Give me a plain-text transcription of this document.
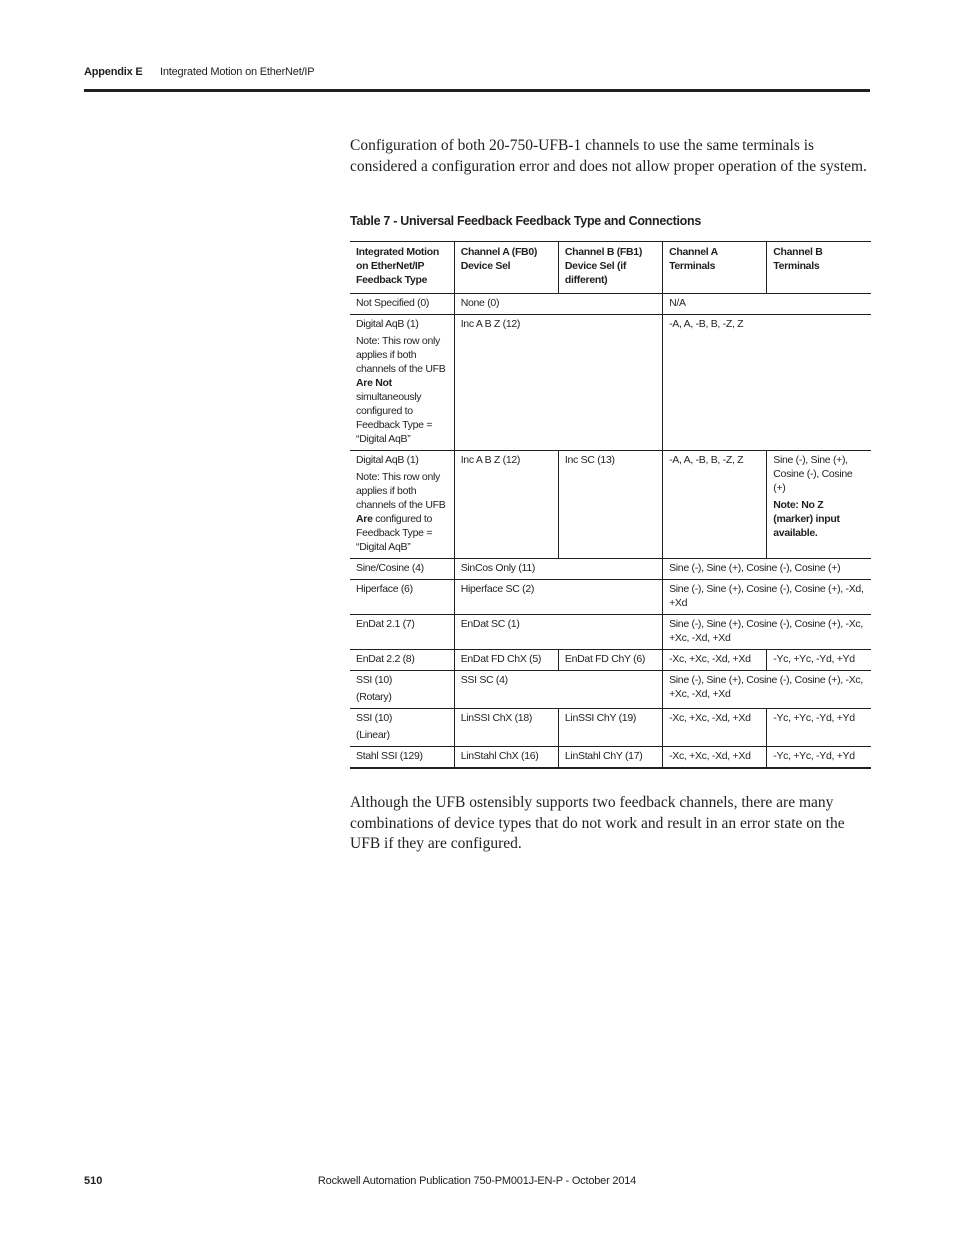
Appendix E Integrated Motion on EtherNet/IP

Configuration of both 20-750-UFB-1 channels to use the same terminals is considered a configuration error and does not allow proper operation of the system.

Table 7 - Universal Feedback Feedback Type and Connections
Integrated Motion on EtherNet/IP Feedback Type	Channel A (FB0) Device Sel	Channel B (FB1) Device Sel (if different)	Channel A Terminals	Channel B Terminals
Not Specified (0)	None (0)		N/A	

Digital AqB (1)
Note: This row only applies if both channels of the UFB Are Not simultaneously configured to Feedback Type = “Digital AqB”	Inc A B Z (12)		-A, A, -B, B, -Z, Z	

Digital AqB (1)
Note: This row only applies if both channels of the UFB Are configured to Feedback Type = “Digital AqB”	Inc A B Z (12)	Inc SC (13)	-A, A, -B, B, -Z, Z	Sine (-), Sine (+), Cosine (-), Cosine (+)
Note: No Z (marker) input available.

Sine/Cosine (4)	SinCos Only (11)		Sine (-), Sine (+), Cosine (-), Cosine (+)	
Hiperface (6)	Hiperface SC (2)		Sine (-), Sine (+), Cosine (-), Cosine (+), -Xd, +Xd	
EnDat 2.1 (7)	EnDat SC (1)		Sine (-), Sine (+), Cosine (-), Cosine (+), -Xc, +Xc, -Xd, +Xd	
EnDat 2.2 (8)	EnDat FD ChX (5)	EnDat FD ChY (6)	-Xc, +Xc, -Xd, +Xd	-Yc, +Yc, -Yd, +Yd

SSI (10)
(Rotary)	SSI SC (4)		Sine (-), Sine (+), Cosine (-), Cosine (+), -Xc, +Xc, -Xd, +Xd	

SSI (10)
(Linear)	LinSSI ChX (18)	LinSSI ChY (19)	-Xc, +Xc, -Xd, +Xd	-Yc, +Yc, -Yd, +Yd
Stahl SSI (129)	LinStahl ChX (16)	LinStahl ChY (17)	-Xc, +Xc, -Xd, +Xd	-Yc, +Yc, -Yd, +Yd

Although the UFB ostensibly supports two feedback channels, there are many combinations of device types that do not work and result in an error state on the UFB if they are configured.

510	Rockwell Automation Publication 750-PM001J-EN-P - October 2014
